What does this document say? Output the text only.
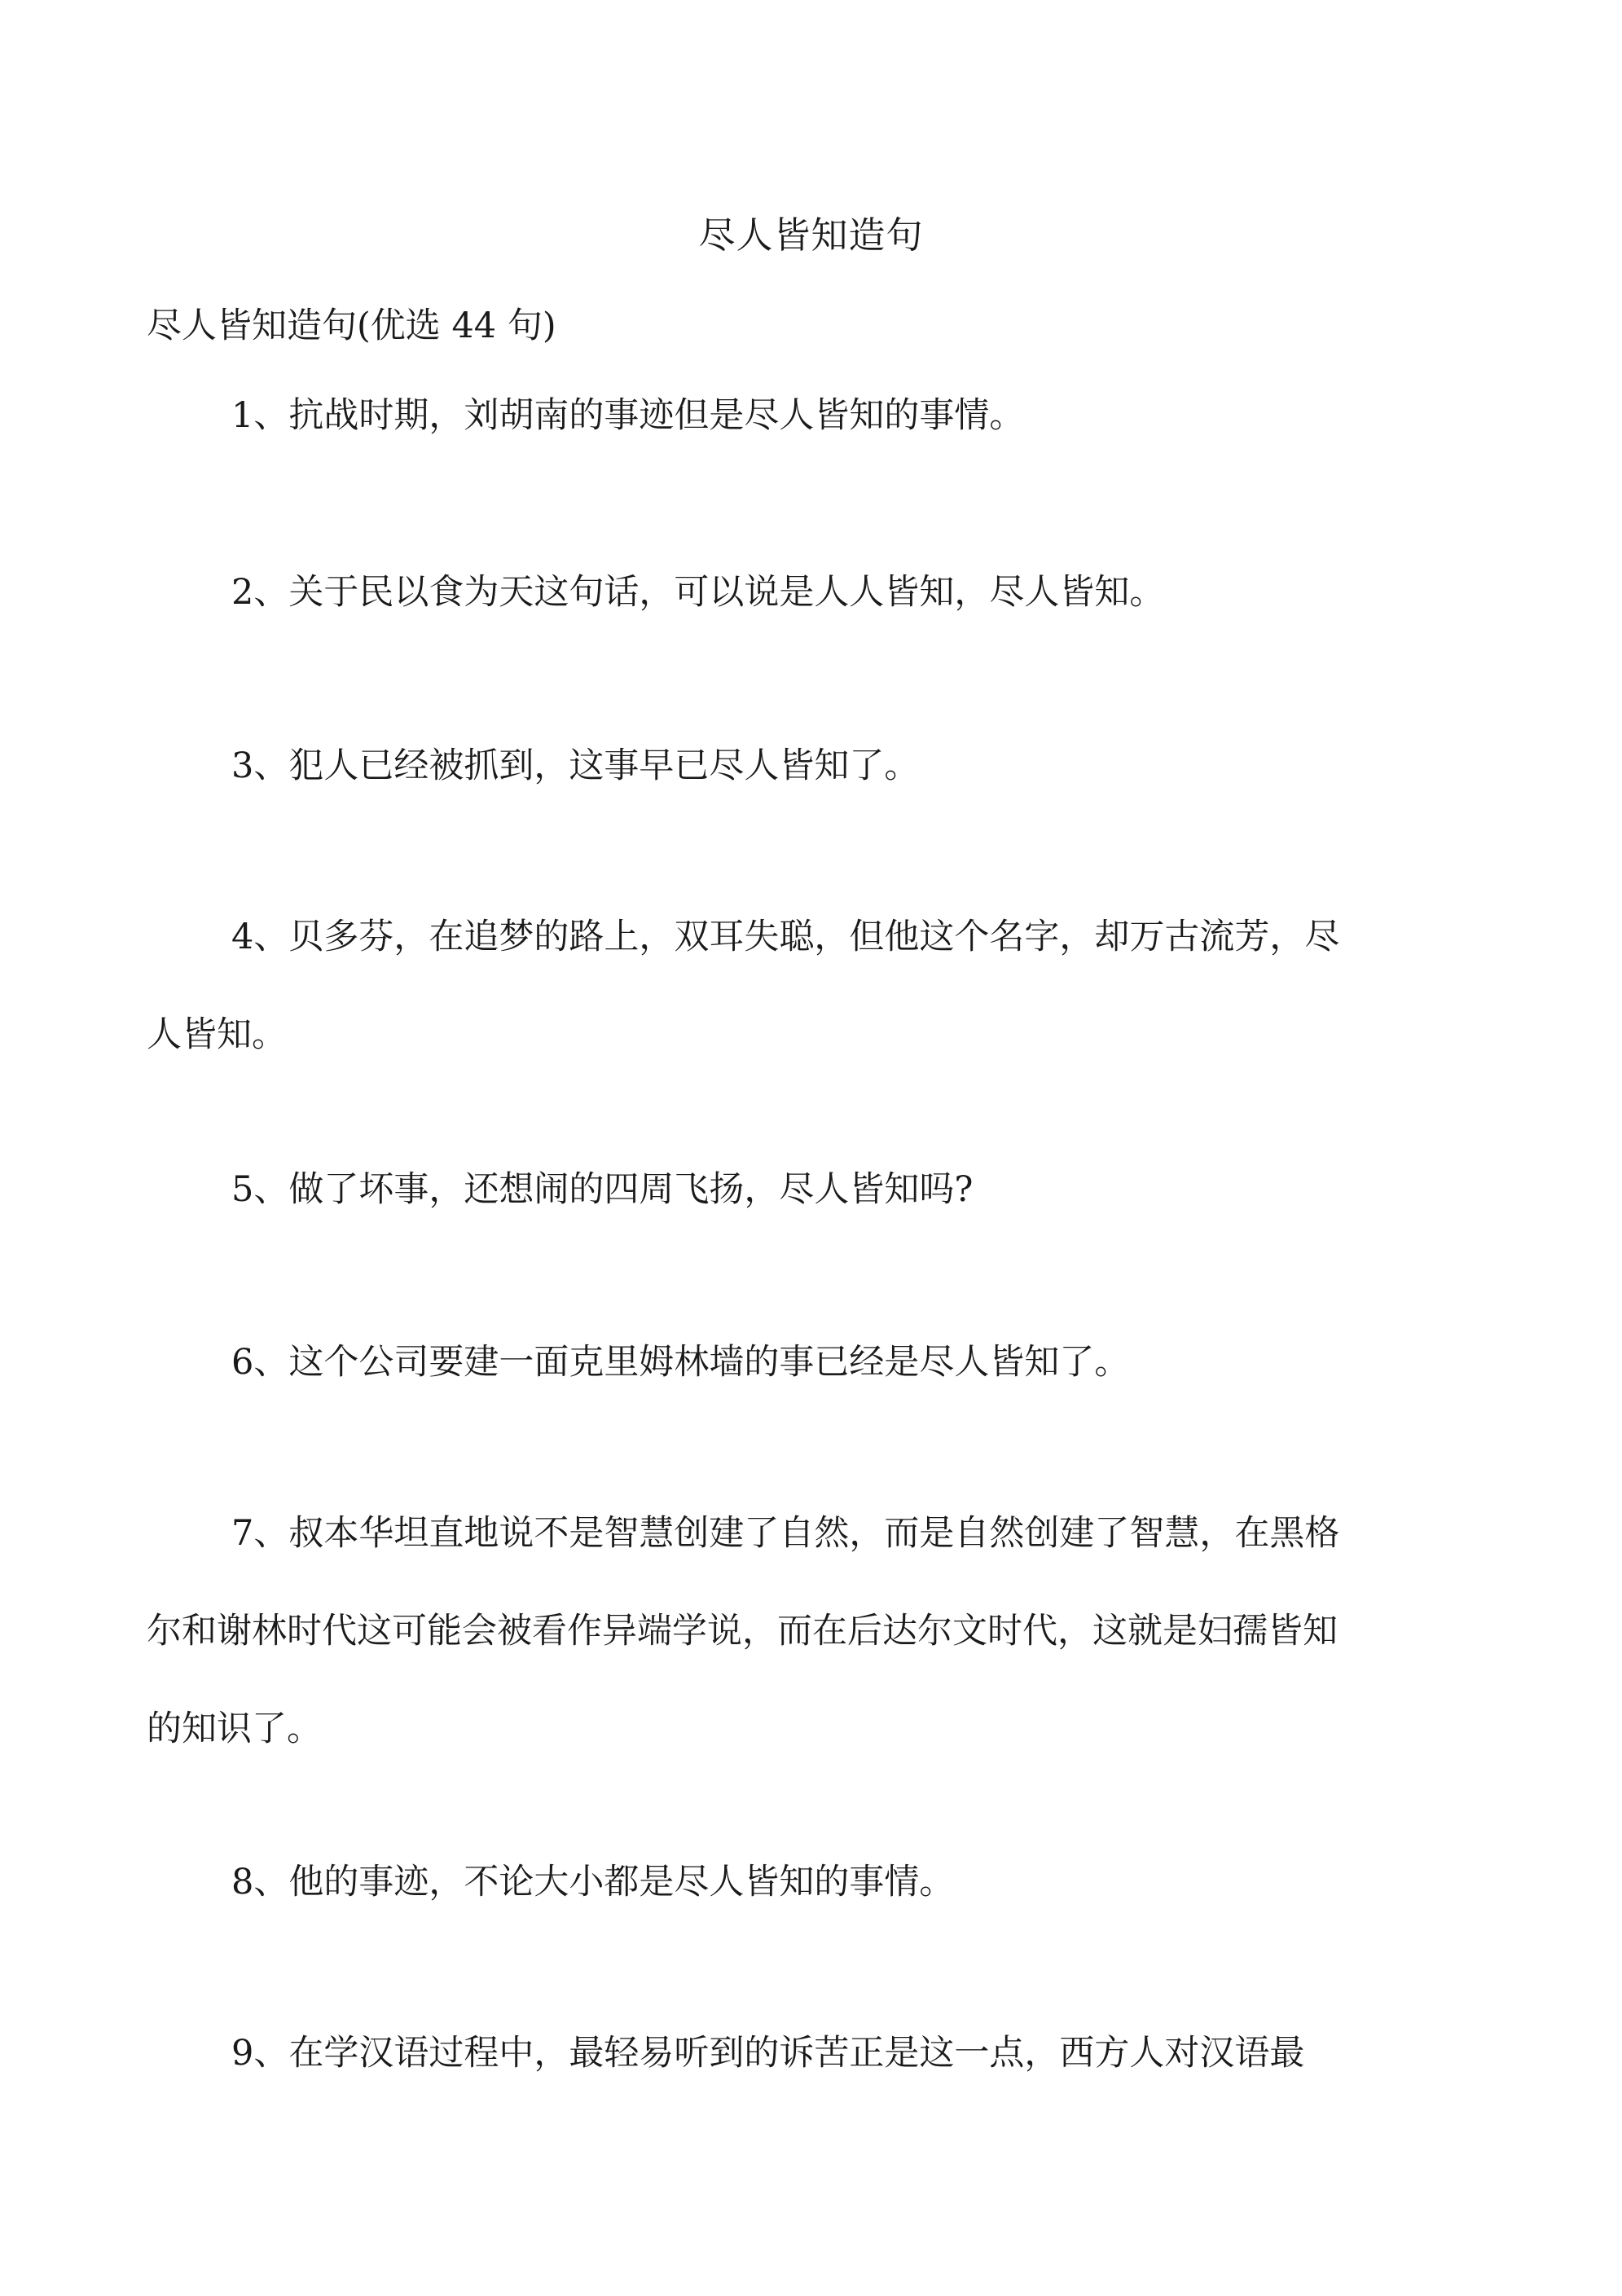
尽人皆知造句
尽人皆知造句(优选 44 句)

1、抗战时期，刘胡南的事迹但是尽人皆知的事情。

2、关于民以食为天这句话，可以说是人人皆知，尽人皆知。

3、犯人已经被抓到，这事早已尽人皆知了。

4、贝多芬，在追梦的路上，双耳失聪，但他这个名字，却万古流芳，尽人皆知。

5、做了坏事，还想闹的四周飞扬，尽人皆知吗?

6、这个公司要建一面克里姆林墙的事已经是尽人皆知了。

7、叔本华坦直地说不是智慧创建了自然，而是自然创建了智慧，在黑格尔和谢林时代这可能会被看作异端学说，而在后达尔文时代，这就是妇孺皆知的知识了。

8、他的事迹，不论大小都是尽人皆知的事情。

9、在学汉语过程中，最轻易听到的诉苦正是这一点，西方人对汉语最
